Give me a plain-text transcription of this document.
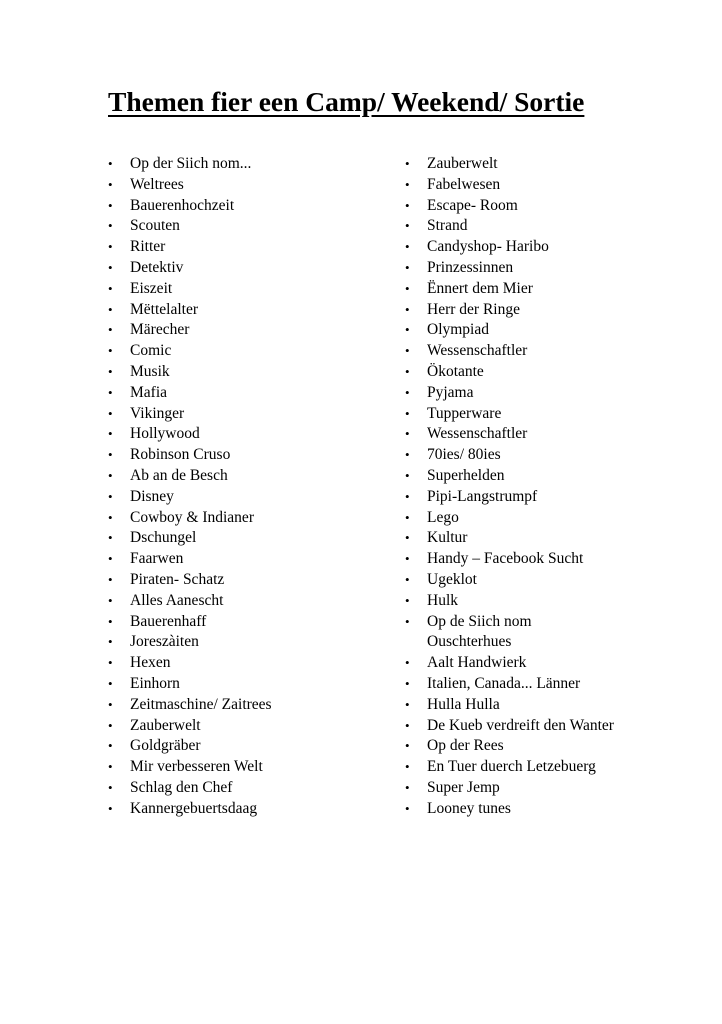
Themen fier een Camp/ Weekend/ Sortie
• Op der Siich nom...
• Weltrees
• Bauerenhochzeit
• Scouten
• Ritter
• Detektiv
• Eiszeit
• Mëttelalter
• Märecher
• Comic
• Musik
• Mafia
• Vikinger
• Hollywood
• Robinson Cruso
• Ab an de Besch
• Disney
• Cowboy & Indianer
• Dschungel
• Faarwen
• Piraten- Schatz
• Alles Aanescht
• Bauerenhaff
• Joreszàiten
• Hexen
• Einhorn
• Zeitmaschine/ Zaitrees
• Zauberwelt
• Goldgräber
• Mir verbesseren Welt
• Schlag den Chef
• Kannergebuertsdaag
• Zauberwelt
• Fabelwesen
• Escape- Room
• Strand
• Candyshop- Haribo
• Prinzessinnen
• Ënnert dem Mier
• Herr der Ringe
• Olympiad
• Wessenschaftler
• Ökotante
• Pyjama
• Tupperware
• Wessenschaftler
• 70ies/ 80ies
• Superhelden
• Pipi-Langstrumpf
• Lego
• Kultur
• Handy – Facebook Sucht
• Ugeklot
• Hulk
• Op de Siich nom Ouschterhues
• Aalt Handwierk
• Italien, Canada... Länner
• Hulla Hulla
• De Kueb verdreift den Wanter
• Op der Rees
• En Tuer duerch Letzebuerg
• Super Jemp
• Looney tunes
